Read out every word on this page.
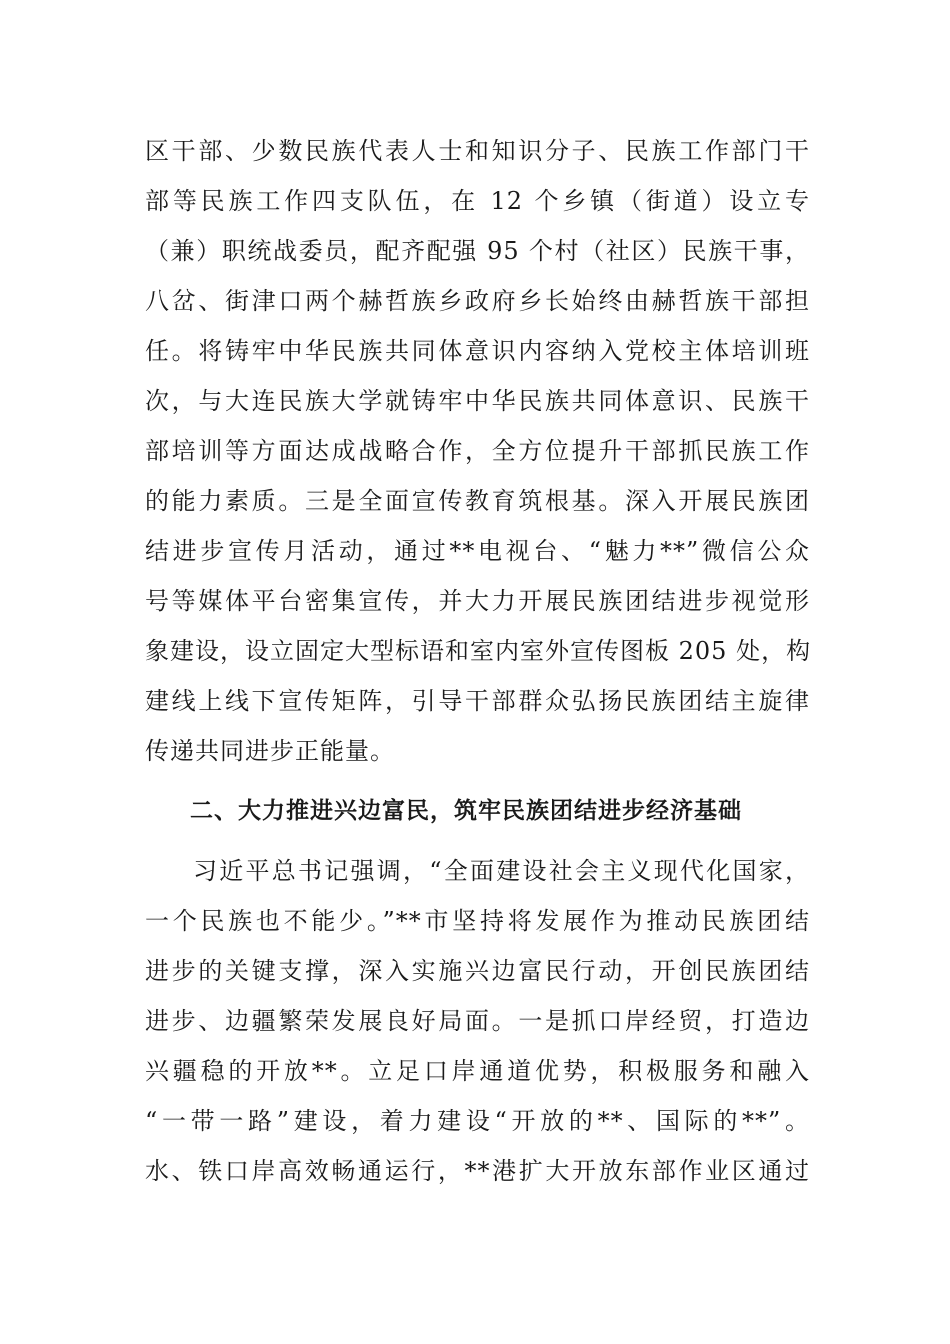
区干部、少数民族代表人士和知识分子、民族工作部门干
部等民族工作四支队伍，在 12 个乡镇（街道）设立专
（兼）职统战委员，配齐配强 95 个村（社区）民族干事，
八岔、街津口两个赫哲族乡政府乡长始终由赫哲族干部担
任。将铸牢中华民族共同体意识内容纳入党校主体培训班
次，与大连民族大学就铸牢中华民族共同体意识、民族干
部培训等方面达成战略合作，全方位提升干部抓民族工作
的能力素质。三是全面宣传教育筑根基。深入开展民族团
结进步宣传月活动，通过**电视台、“魅力**”微信公众
号等媒体平台密集宣传，并大力开展民族团结进步视觉形
象建设，设立固定大型标语和室内室外宣传图板 205 处，构
建线上线下宣传矩阵，引导干部群众弘扬民族团结主旋律
传递共同进步正能量。
二、大力推进兴边富民，筑牢民族团结进步经济基础
习近平总书记强调，“全面建设社会主义现代化国家，
一个民族也不能少。”**市坚持将发展作为推动民族团结
进步的关键支撑，深入实施兴边富民行动，开创民族团结
进步、边疆繁荣发展良好局面。一是抓口岸经贸，打造边
兴疆稳的开放**。立足口岸通道优势，积极服务和融入
“一带一路”建设，着力建设“开放的**、国际的**”。
水、铁口岸高效畅通运行，**港扩大开放东部作业区通过
